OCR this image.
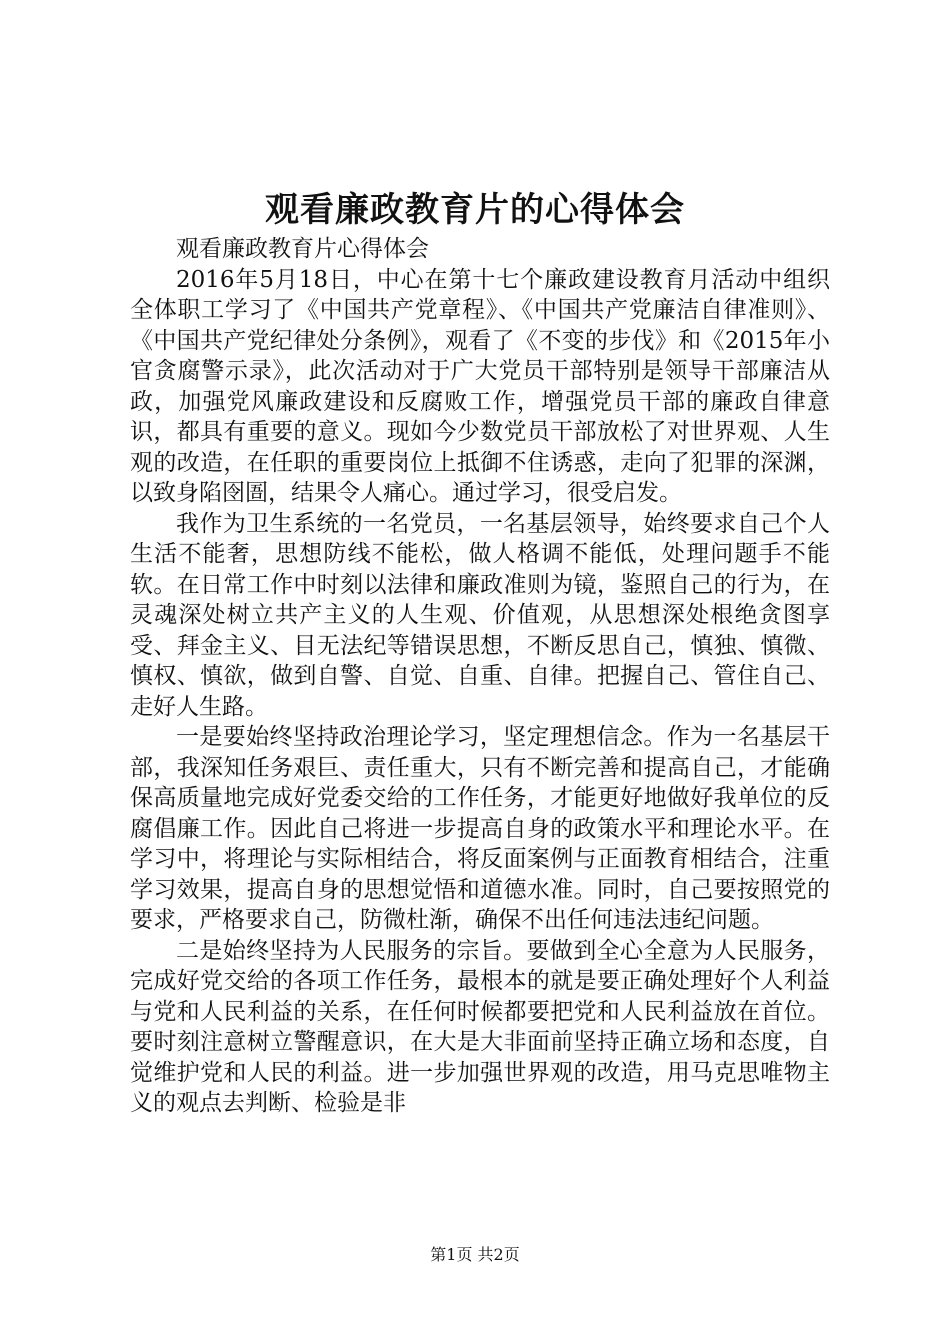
观看廉政教育片的心得体会

观看廉政教育片心得体会

2016年5月18日，中心在第十七个廉政建设教育月活动中组织全体职工学习了《中国共产党章程》、《中国共产党廉洁自律准则》、《中国共产党纪律处分条例》，观看了《不变的步伐》和《2015年小官贪腐警示录》，此次活动对于广大党员干部特别是领导干部廉洁从政，加强党风廉政建设和反腐败工作，增强党员干部的廉政自律意识，都具有重要的意义。现如今少数党员干部放松了对世界观、人生观的改造，在任职的重要岗位上抵御不住诱惑，走向了犯罪的深渊，以致身陷囹圄，结果令人痛心。通过学习，很受启发。

我作为卫生系统的一名党员，一名基层领导，始终要求自己个人生活不能奢，思想防线不能松，做人格调不能低，处理问题手不能软。在日常工作中时刻以法律和廉政准则为镜，鉴照自己的行为，在灵魂深处树立共产主义的人生观、价值观，从思想深处根绝贪图享受、拜金主义、目无法纪等错误思想，不断反思自己，慎独、慎微、慎权、慎欲，做到自警、自觉、自重、自律。把握自己、管住自己、走好人生路。

一是要始终坚持政治理论学习，坚定理想信念。作为一名基层干部，我深知任务艰巨、责任重大，只有不断完善和提高自己，才能确保高质量地完成好党委交给的工作任务，才能更好地做好我单位的反腐倡廉工作。因此自己将进一步提高自身的政策水平和理论水平。在学习中，将理论与实际相结合，将反面案例与正面教育相结合，注重学习效果，提高自身的思想觉悟和道德水准。同时，自己要按照党的要求，严格要求自己，防微杜渐，确保不出任何违法违纪问题。

二是始终坚持为人民服务的宗旨。要做到全心全意为人民服务，完成好党交给的各项工作任务，最根本的就是要正确处理好个人利益与党和人民利益的关系，在任何时候都要把党和人民利益放在首位。要时刻注意树立警醒意识，在大是大非面前坚持正确立场和态度，自觉维护党和人民的利益。进一步加强世界观的改造，用马克思唯物主义的观点去判断、检验是非

第1页 共2页
